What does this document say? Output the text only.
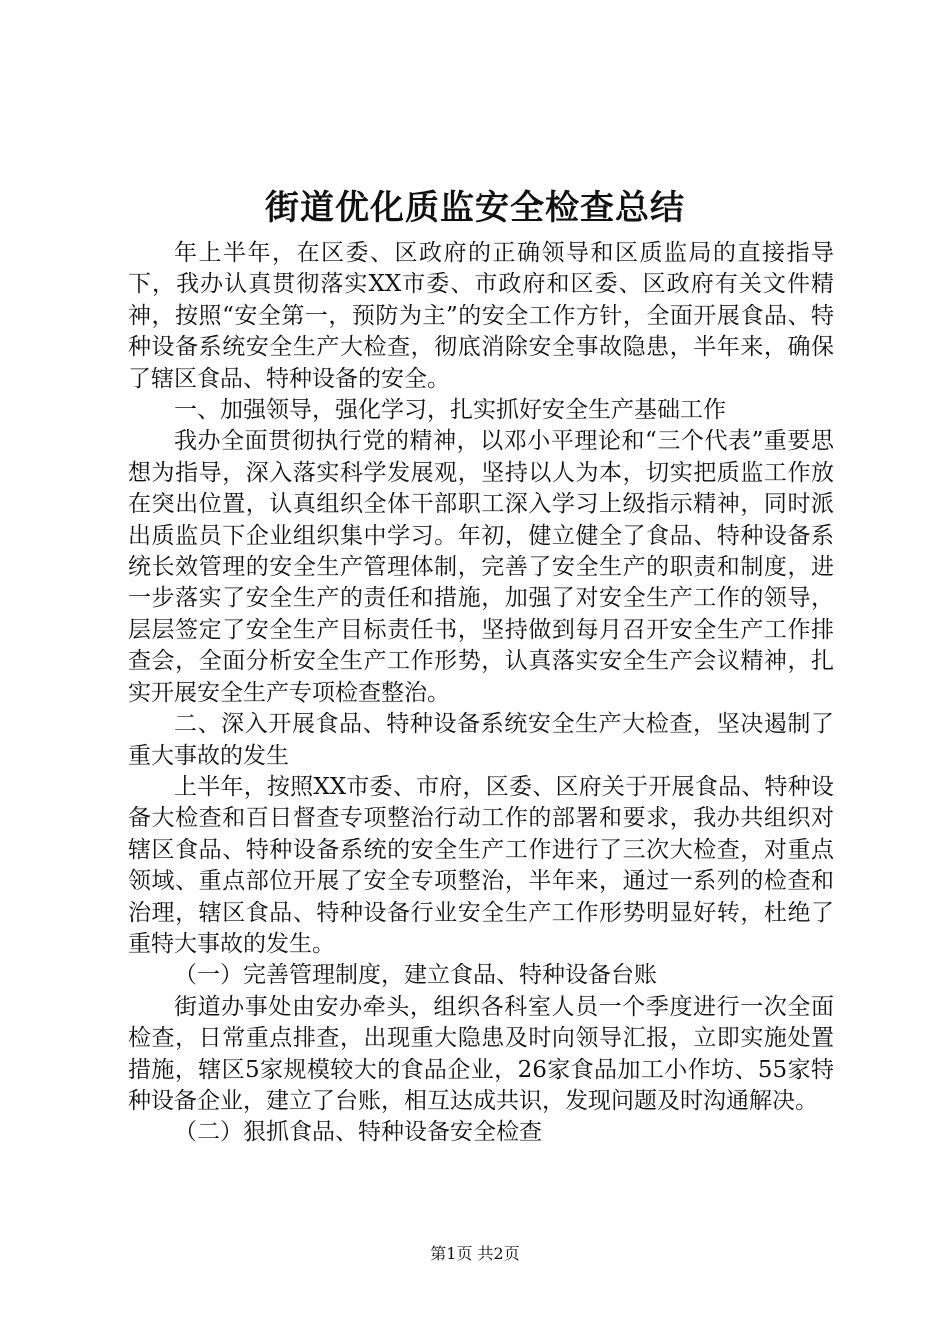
街道优化质监安全检查总结

年上半年，在区委、区政府的正确领导和区质监局的直接指导下，我办认真贯彻落实XX市委、市政府和区委、区政府有关文件精神，按照“安全第一，预防为主”的安全工作方针，全面开展食品、特种设备系统安全生产大检查，彻底消除安全事故隐患，半年来，确保了辖区食品、特种设备的安全。

一、加强领导，强化学习，扎实抓好安全生产基础工作

我办全面贯彻执行党的精神，以邓小平理论和“三个代表”重要思想为指导，深入落实科学发展观，坚持以人为本，切实把质监工作放在突出位置，认真组织全体干部职工深入学习上级指示精神，同时派出质监员下企业组织集中学习。年初，健立健全了食品、特种设备系统长效管理的安全生产管理体制，完善了安全生产的职责和制度，进一步落实了安全生产的责任和措施，加强了对安全生产工作的领导，层层签定了安全生产目标责任书，坚持做到每月召开安全生产工作排查会，全面分析安全生产工作形势，认真落实安全生产会议精神，扎实开展安全生产专项检查整治。

二、深入开展食品、特种设备系统安全生产大检查，坚决遏制了重大事故的发生

上半年，按照XX市委、市府，区委、区府关于开展食品、特种设备大检查和百日督查专项整治行动工作的部署和要求，我办共组织对辖区食品、特种设备系统的安全生产工作进行了三次大检查，对重点领域、重点部位开展了安全专项整治，半年来，通过一系列的检查和治理，辖区食品、特种设备行业安全生产工作形势明显好转，杜绝了重特大事故的发生。

（一）完善管理制度，建立食品、特种设备台账

街道办事处由安办牵头，组织各科室人员一个季度进行一次全面检查，日常重点排查，出现重大隐患及时向领导汇报，立即实施处置措施，辖区5家规模较大的食品企业，26家食品加工小作坊、55家特种设备企业，建立了台账，相互达成共识，发现问题及时沟通解决。

（二）狠抓食品、特种设备安全检查

第1页 共2页
